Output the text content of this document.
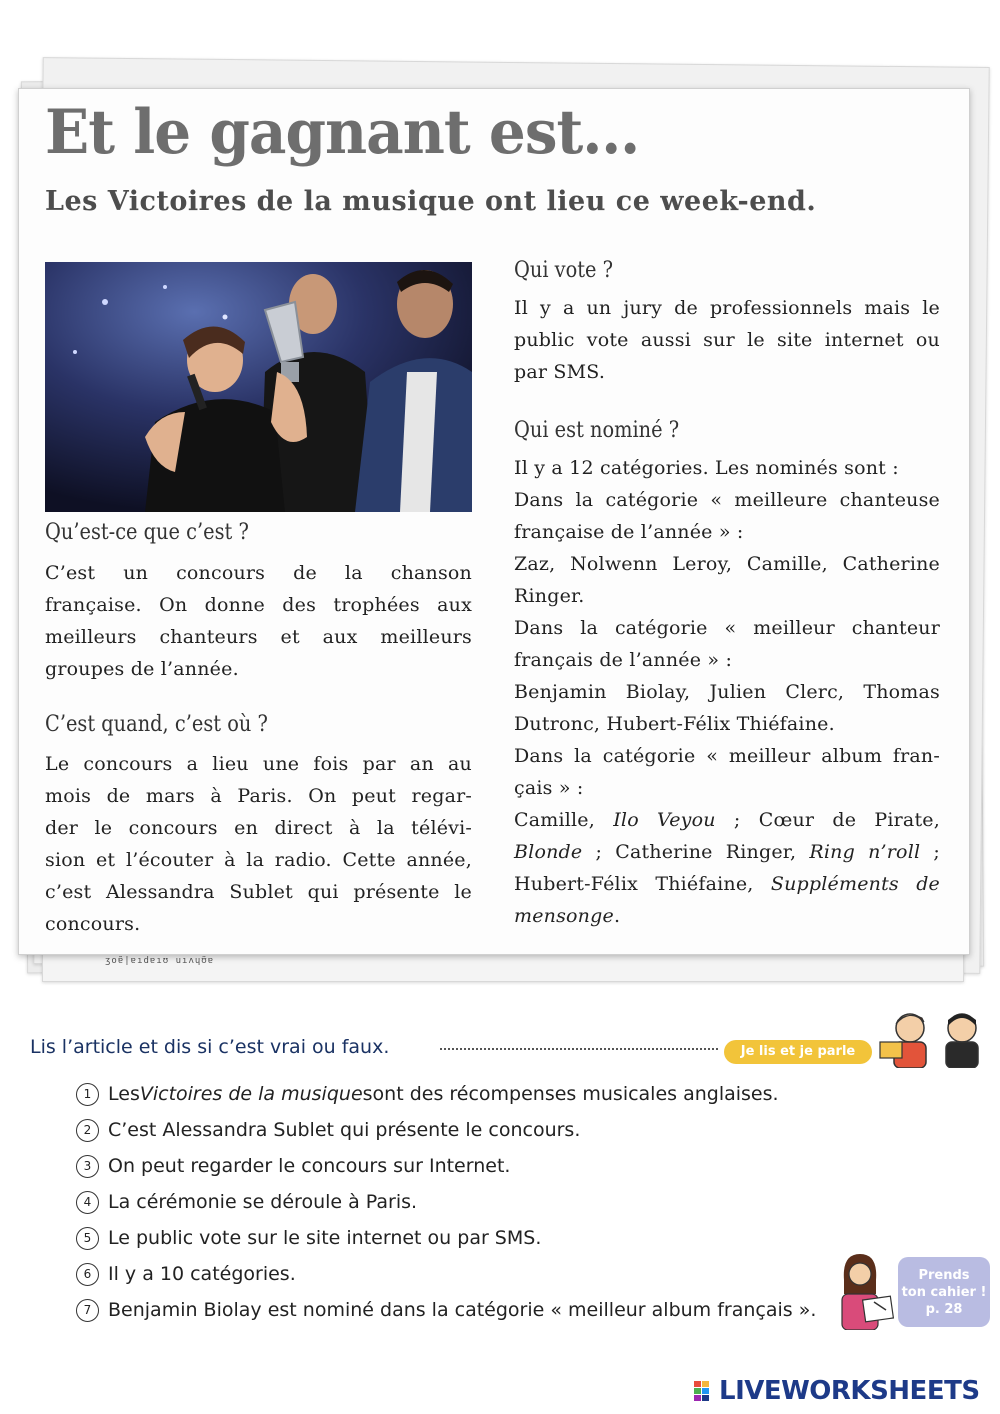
ʒoɐ̃|ɐıdɐıʊ uıʌɥʊ̃ɐ
Et le gagnant est…
Les Victoires de la musique ont lieu ce week-end.
Qu’est-ce que c’est ?
C’est un concours de la chanson
française. On donne des trophées aux
meilleurs chanteurs et aux meilleurs
groupes de l’année.
C’est quand, c’est où ?
Le concours a lieu une fois par an au
mois de mars à Paris. On peut regar-
der le concours en direct à la télévi-
sion et l’écouter à la radio. Cette année,
c’est Alessandra Sublet qui présente le
concours.
Qui vote ?
Il y a un jury de professionnels mais le
public vote aussi sur le site internet ou
par SMS.
Qui est nominé ?
Il y a 12 catégories. Les nominés sont :
Dans la catégorie « meilleure chanteuse
française de l’année » :
Zaz, Nolwenn Leroy, Camille, Catherine
Ringer.
Dans la catégorie « meilleur chanteur
français de l’année » :
Benjamin Biolay, Julien Clerc, Thomas
Dutronc, Hubert-Félix Thiéfaine.
Dans la catégorie « meilleur album fran-
çais » :
Camille, Ilo Veyou ; Cœur de Pirate,
Blonde ; Catherine Ringer, Ring n’roll ;
Hubert-Félix Thiéfaine, Suppléments de
mensonge.

Lis l’article et dis si c’est vrai ou faux.	Je lis et je parle
1 Les Victoires de la musique sont des récompenses musicales anglaises.
2 C’est Alessandra Sublet qui présente le concours.
3 On peut regarder le concours sur Internet.
4 La cérémonie se déroule à Paris.
5 Le public vote sur le site internet ou par SMS.
6 Il y a 10 catégories.
7 Benjamin Biolay est nominé dans la catégorie « meilleur album français ».
Prends
ton cahier !
p. 28
LIVEWORKSHEETS
